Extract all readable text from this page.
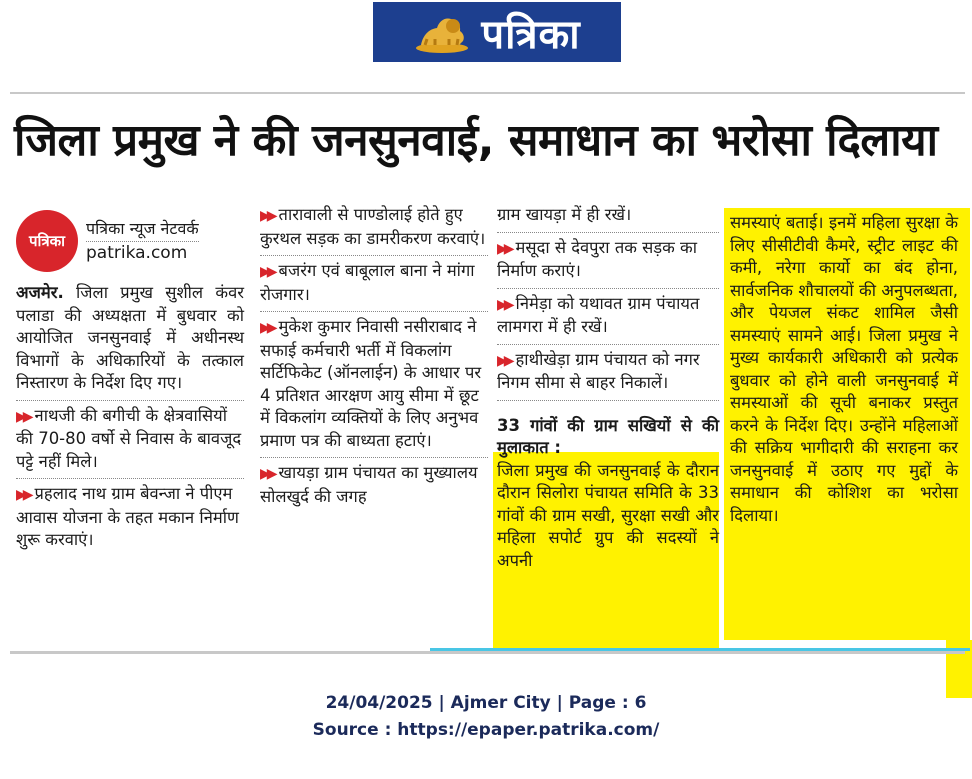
पत्रिका
जिला प्रमुख ने की जनसुनवाई, समाधान का भरोसा दिलाया
पत्रिका
पत्रिका न्यूज नेटवर्क
patrika.com
अजमेर. जिला प्रमुख सुशील कंवर पलाडा की अध्यक्षता में बुधवार को आयोजित जनसुनवाई में अधीनस्थ विभागों के अधिकारियों के तत्काल निस्तारण के निर्देश दिए गए।
▶▶ नाथजी की बगीची के क्षेत्रवासियों की 70-80 वर्षो से निवास के बावजूद पट्टे नहीं मिले।
▶▶ प्रहलाद नाथ ग्राम बेवन्जा ने पीएम आवास योजना के तहत मकान निर्माण शुरू करवाएं।
▶▶ तारावाली से पाण्डोलाई होते हुए कुरथल सड़क का डामरीकरण करवाएं।
▶▶ बजरंग एवं बाबूलाल बाना ने मांगा रोजगार।
▶▶ मुकेश कुमार निवासी नसीराबाद ने सफाई कर्मचारी भर्ती में विकलांग सर्टिफिकेट (ऑनलाईन) के आधार पर 4 प्रतिशत आरक्षण आयु सीमा में छूट में विकलांग व्यक्तियों के लिए अनुभव प्रमाण पत्र की बाध्यता हटाएं।
▶▶ खायड़ा ग्राम पंचायत का मुख्यालय सोलखुर्द की जगह
ग्राम खायड़ा में ही रखें।
▶▶ मसूदा से देवपुरा तक सड़क का निर्माण कराएं।
▶▶ निमेड़ा को यथावत ग्राम पंचायत लामगरा में ही रखें।
▶▶ हाथीखेड़ा ग्राम पंचायत को नगर निगम सीमा से बाहर निकालें।
33 गांवों की ग्राम सखियों से की मुलाकात :
जिला प्रमुख की जनसुनवाई के दौरान दौरान सिलोरा पंचायत समिति के 33 गांवों की ग्राम सखी, सुरक्षा सखी और महिला सपोर्ट ग्रुप की सदस्यों ने अपनी
समस्याएं बताई। इनमें महिला सुरक्षा के लिए सीसीटीवी कैमरे, स्ट्रीट लाइट की कमी, नरेगा कार्यो का बंद होना, सार्वजनिक शौचालयों की अनुपलब्धता, और पेयजल संकट शामिल जैसी समस्याएं सामने आई। जिला प्रमुख ने मुख्य कार्यकारी अधिकारी को प्रत्येक बुधवार को होने वाली जनसुनवाई में समस्याओं की सूची बनाकर प्रस्तुत करने के निर्देश दिए। उन्होंने महिलाओं की सक्रिय भागीदारी की सराहना कर जनसुनवाई में उठाए गए मुद्दों के समाधान की कोशिश का भरोसा दिलाया।
24/04/2025 | Ajmer City | Page : 6
Source : https://epaper.patrika.com/
